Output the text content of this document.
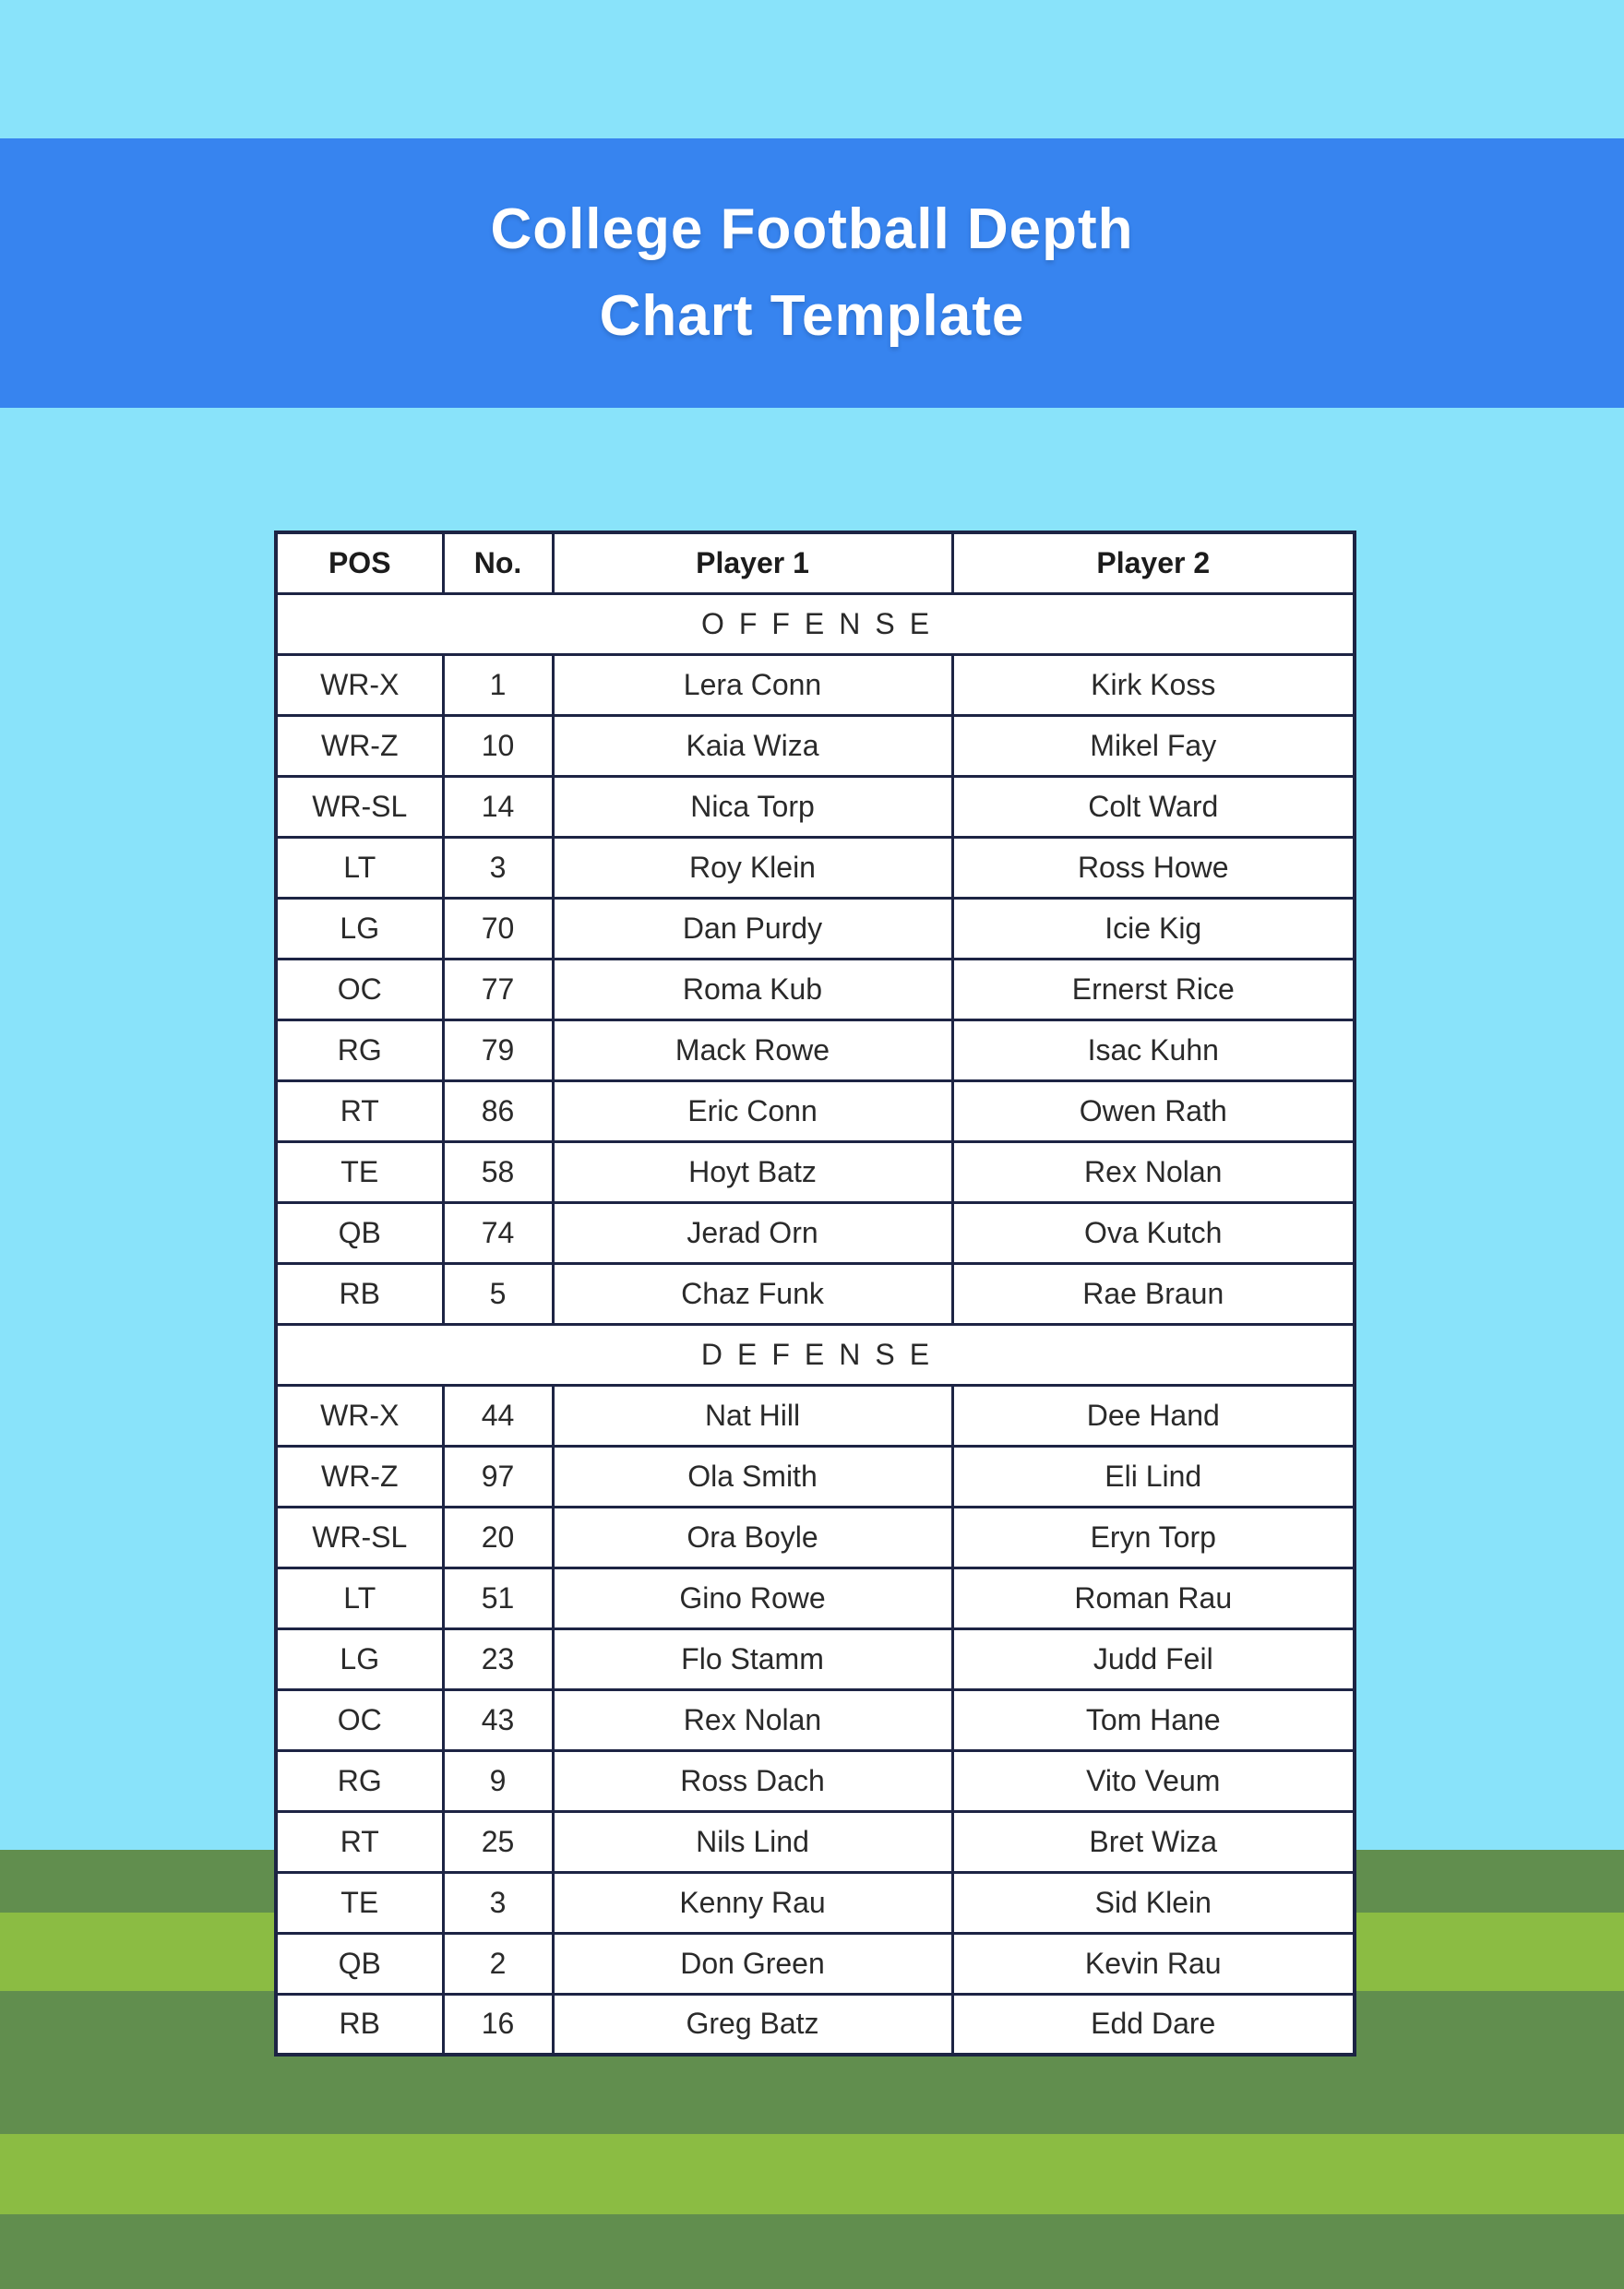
College Football Depth
Chart Template
POS	No.	Player 1	Player 2
OFFENSE			
WR-X	1	Lera Conn	Kirk Koss
WR-Z	10	Kaia Wiza	Mikel Fay
WR-SL	14	Nica Torp	Colt Ward
LT	3	Roy Klein	Ross Howe
LG	70	Dan Purdy	Icie Kig
OC	77	Roma Kub	Ernerst Rice
RG	79	Mack Rowe	Isac Kuhn
RT	86	Eric Conn	Owen Rath
TE	58	Hoyt Batz	Rex Nolan
QB	74	Jerad Orn	Ova Kutch
RB	5	Chaz Funk	Rae Braun
DEFENSE			
WR-X	44	Nat Hill	Dee Hand
WR-Z	97	Ola Smith	Eli Lind
WR-SL	20	Ora Boyle	Eryn Torp
LT	51	Gino Rowe	Roman Rau
LG	23	Flo Stamm	Judd Feil
OC	43	Rex Nolan	Tom Hane
RG	9	Ross Dach	Vito Veum
RT	25	Nils Lind	Bret Wiza
TE	3	Kenny Rau	Sid Klein
QB	2	Don Green	Kevin Rau
RB	16	Greg Batz	Edd Dare
